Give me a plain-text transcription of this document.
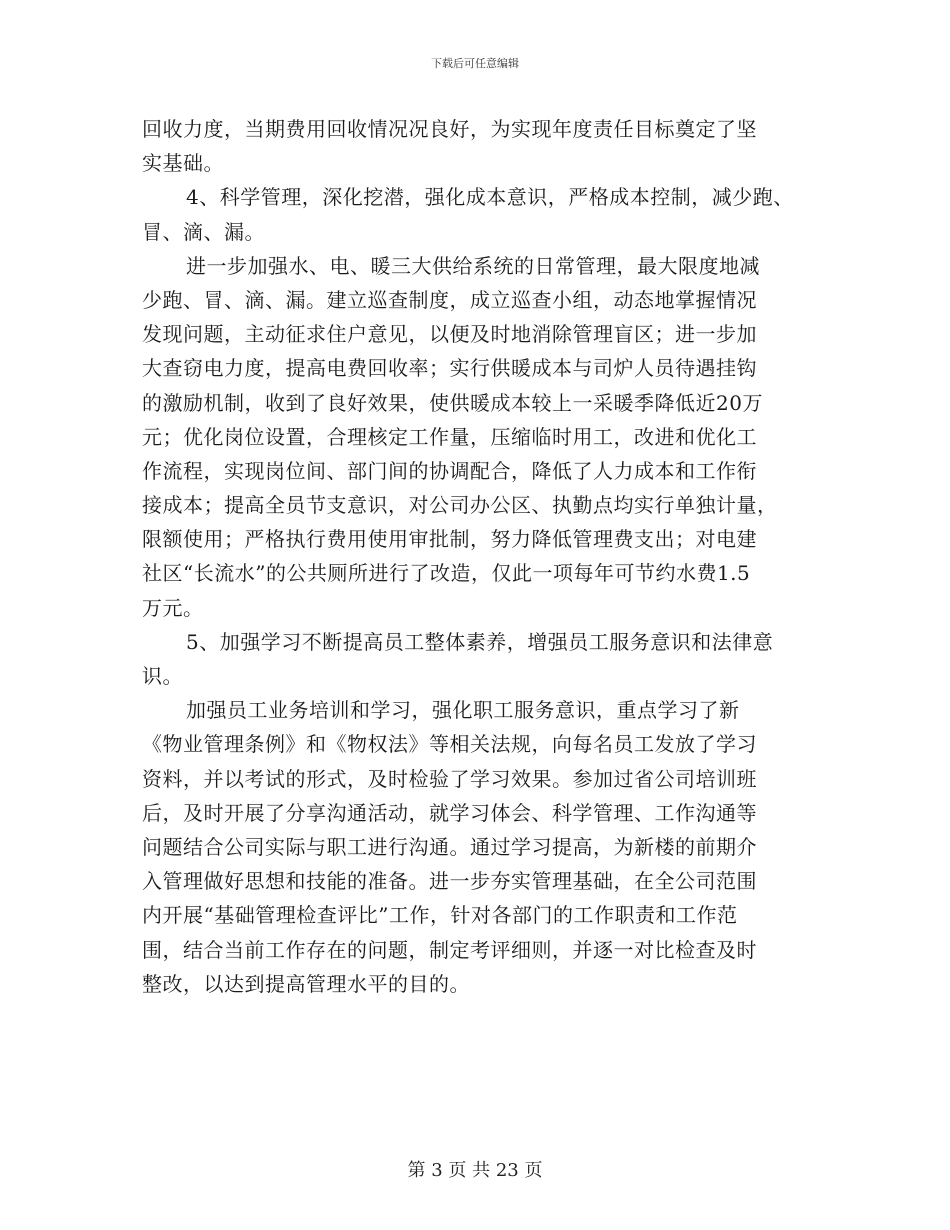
下载后可任意编辑
回收力度，当期费用回收情况况良好，为实现年度责任目标奠定了坚
实基础。
4、科学管理，深化挖潜，强化成本意识，严格成本控制，减少跑、
冒、滴、漏。
进一步加强水、电、暖三大供给系统的日常管理，最大限度地减
少跑、冒、滴、漏。建立巡查制度，成立巡查小组，动态地掌握情况
发现问题，主动征求住户意见，以便及时地消除管理盲区；进一步加
大查窃电力度，提高电费回收率；实行供暖成本与司炉人员待遇挂钩
的激励机制，收到了良好效果，使供暖成本较上一采暖季降低近20万
元；优化岗位设置，合理核定工作量，压缩临时用工，改进和优化工
作流程，实现岗位间、部门间的协调配合，降低了人力成本和工作衔
接成本；提高全员节支意识，对公司办公区、执勤点均实行单独计量，
限额使用；严格执行费用使用审批制，努力降低管理费支出；对电建
社区“长流水”的公共厕所进行了改造，仅此一项每年可节约水费1.5
万元。
5、加强学习不断提高员工整体素养，增强员工服务意识和法律意
识。
加强员工业务培训和学习，强化职工服务意识，重点学习了新
《物业管理条例》和《物权法》等相关法规，向每名员工发放了学习
资料，并以考试的形式，及时检验了学习效果。参加过省公司培训班
后，及时开展了分享沟通活动，就学习体会、科学管理、工作沟通等
问题结合公司实际与职工进行沟通。通过学习提高，为新楼的前期介
入管理做好思想和技能的准备。进一步夯实管理基础，在全公司范围
内开展“基础管理检查评比”工作，针对各部门的工作职责和工作范
围，结合当前工作存在的问题，制定考评细则，并逐一对比检查及时
整改，以达到提高管理水平的目的。
第 3 页 共 23 页
